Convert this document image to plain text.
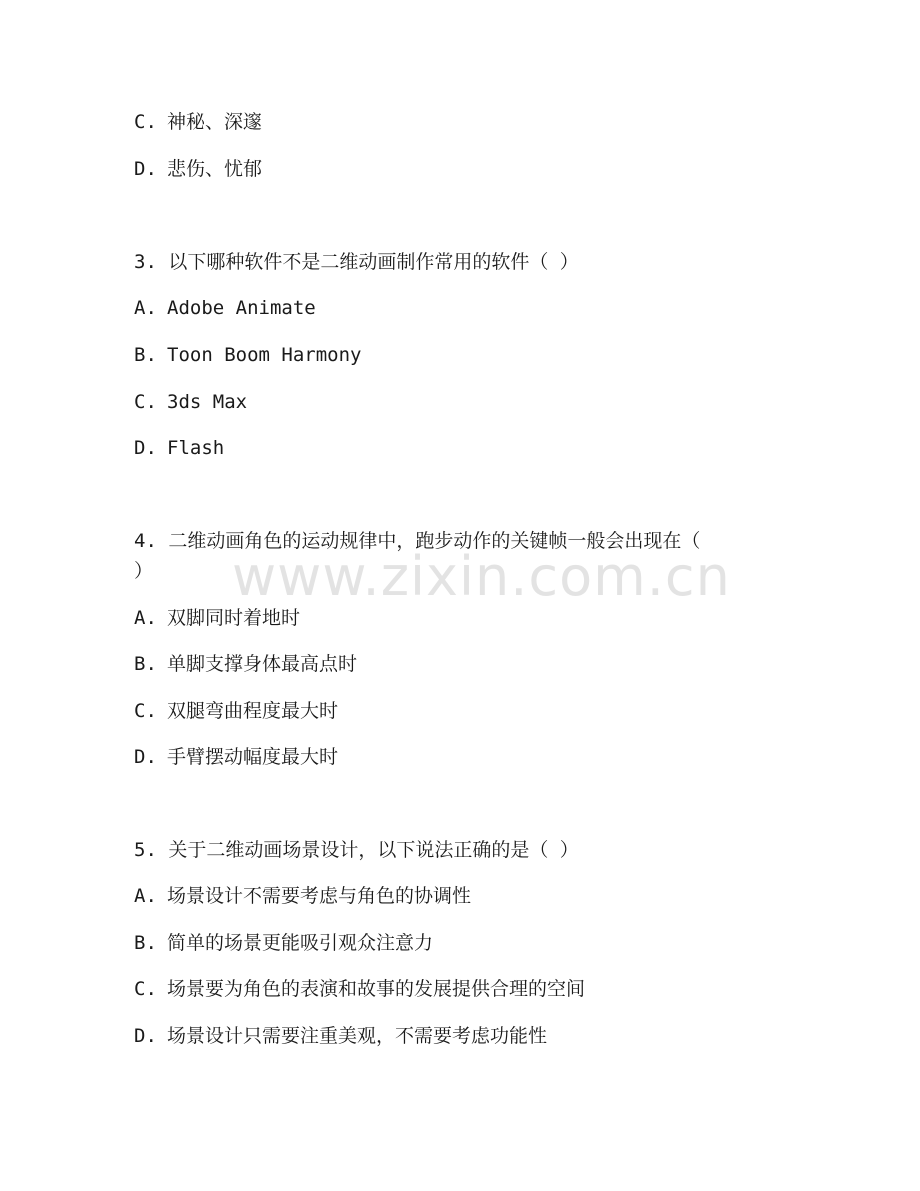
C. 神秘、深邃
D. 悲伤、忧郁
3. 以下哪种软件不是二维动画制作常用的软件（ ）
A. Adobe Animate
B. Toon Boom Harmony
C. 3ds Max
D. Flash
4. 二维动画角色的运动规律中，跑步动作的关键帧一般会出现在（
）
A. 双脚同时着地时
B. 单脚支撑身体最高点时
C. 双腿弯曲程度最大时
D. 手臂摆动幅度最大时
5. 关于二维动画场景设计，以下说法正确的是（ ）
A. 场景设计不需要考虑与角色的协调性
B. 简单的场景更能吸引观众注意力
C. 场景要为角色的表演和故事的发展提供合理的空间
D. 场景设计只需要注重美观，不需要考虑功能性
www.zixin.com.cn
